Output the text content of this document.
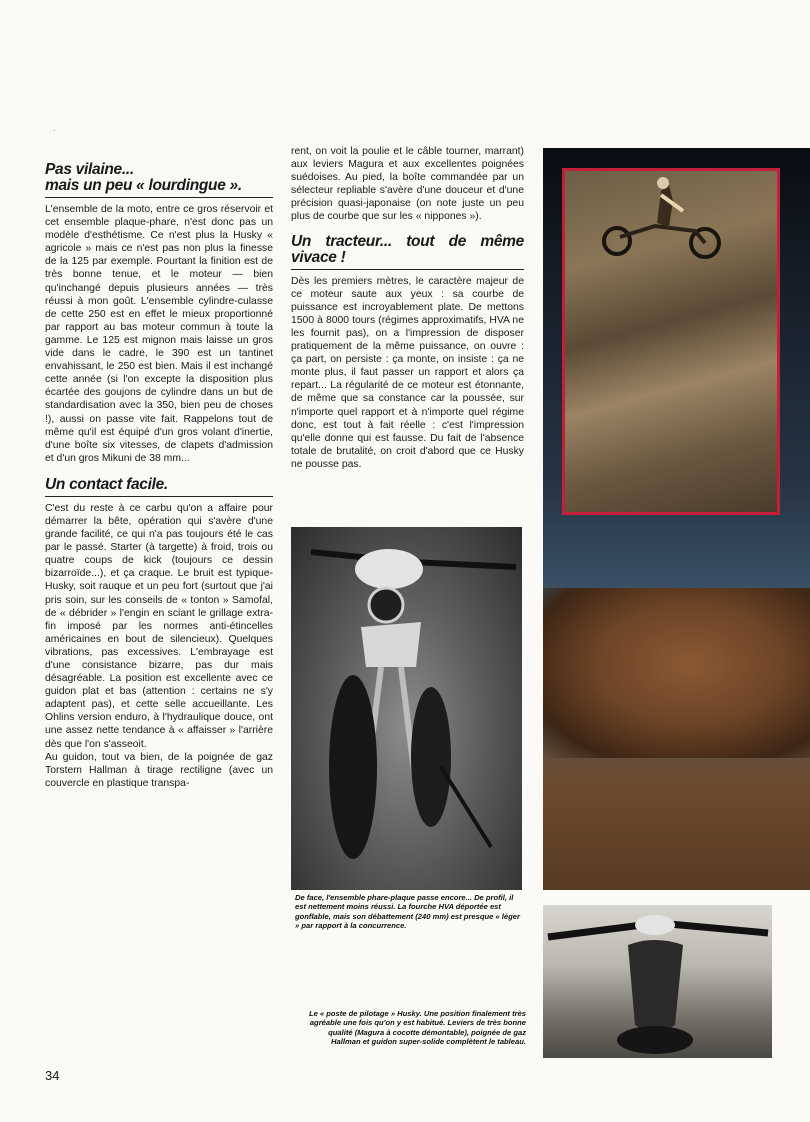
·
Pas vilaine...
mais un peu « lourdingue ».

L'ensemble de la moto, entre ce gros réservoir et cet ensemble plaque-phare, n'est donc pas un modèle d'esthétisme. Ce n'est plus la Husky « agricole » mais ce n'est pas non plus la finesse de la 125 par exemple. Pourtant la finition est de très bonne tenue, et le moteur — bien qu'inchangé depuis plusieurs années — très réussi à mon goût. L'ensemble cylindre-culasse de cette 250 est en effet le mieux proportionné par rapport au bas moteur commun à toute la gamme. Le 125 est mignon mais laisse un gros vide dans le cadre, le 390 est un tantinet envahissant, le 250 est bien. Mais il est inchangé cette année (si l'on excepte la disposition plus écartée des goujons de cylindre dans un but de standardisation avec la 350, bien peu de choses !), aussi on passe vite fait. Rappelons tout de même qu'il est équipé d'un gros volant d'inertie, d'une boîte six vitesses, de clapets d'admission et d'un gros Mikuni de 38 mm...

Un contact facile.

C'est du reste à ce carbu qu'on a affaire pour démarrer la bête, opération qui s'avère d'une grande facilité, ce qui n'a pas toujours été le cas par le passé. Starter (à targette) à froid, trois ou quatre coups de kick (toujours ce dessin bizarroïde...), et ça craque. Le bruit est typique-Husky, soit rauque et un peu fort (surtout que j'ai pris soin, sur les conseils de « tonton » Samofal, de « débrider » l'engin en sciant le grillage extra-fin imposé par les normes anti-étincelles américaines en bout de silencieux). Quelques vibrations, pas excessives. L'embrayage est d'une consistance bizarre, pas dur mais désagréable. La position est excellente avec ce guidon plat et bas (attention : certains ne s'y adaptent pas), et cette selle accueillante. Les Ohlins version enduro, à l'hydraulique douce, ont une assez nette tendance à « affaisser » l'arrière dès que l'on s'asseoit.

Au guidon, tout va bien, de la poignée de gaz Torstem Hallman à tirage rectiligne (avec un couvercle en plastique transpa-

rent, on voit la poulie et le câble tourner, marrant) aux leviers Magura et aux excellentes poignées suédoises. Au pied, la boîte commandée par un sélecteur repliable s'avère d'une douceur et d'une précision quasi-japonaise (on note juste un peu plus de courbe que sur les « nippones »).

Un tracteur... tout de même vivace !

Dès les premiers mètres, le caractère majeur de ce moteur saute aux yeux : sa courbe de puissance est incroyablement plate. De mettons 1500 à 8000 tours (régimes approximatifs, HVA ne les fournit pas), on a l'impression de disposer pratiquement de la même puissance, on ouvre : ça part, on persiste : ça monte, on insiste : ça ne monte plus, il faut passer un rapport et alors ça repart... La régularité de ce moteur est étonnante, de même que sa constance car la poussée, sur n'importe quel rapport et à n'importe quel régime donc, est tout à fait réelle : c'est l'impression qu'elle donne qui est fausse. Du fait de l'absence totale de brutalité, on croit d'abord que ce Husky ne pousse pas.

De face, l'ensemble phare-plaque passe encore... De profil, il est nettement moins réussi. La fourche HVA déportée est gonflable, mais son débattement (240 mm) est presque « léger » par rapport à la concurrence.
Le « poste de pilotage » Husky. Une position finalement très agréable une fois qu'on y est habitué. Leviers de très bonne qualité (Magura à cocotte démontable), poignée de gaz Hallman et guidon super-solide complètent le tableau.
34
